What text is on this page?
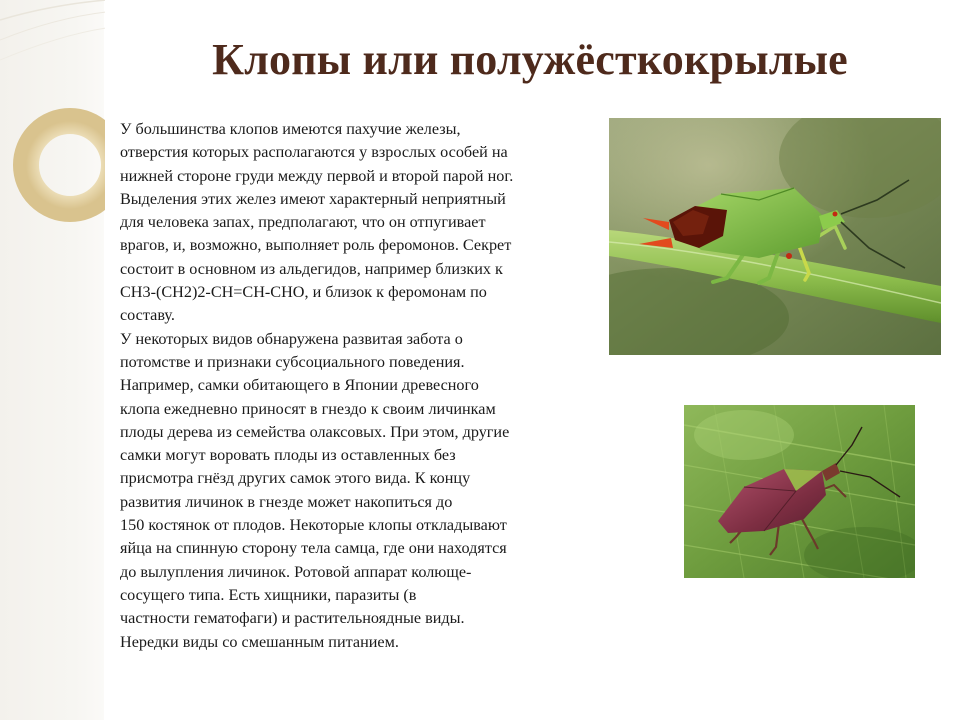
Клопы или полужёсткокрылые
У большинства клопов имеются пахучие железы,
отверстия которых располагаются у взрослых особей на
нижней стороне груди между первой и второй парой ног.
Выделения этих желез имеют характерный неприятный
для человека запах, предполагают, что он отпугивает
врагов, и, возможно, выполняет роль феромонов. Секрет
состоит в основном из альдегидов, например близких к
CH3-(CH2)2-CH=CH-CHO, и близок к феромонам по
составу.
У некоторых видов обнаружена развитая забота о
потомстве и признаки субсоциального поведения.
Например, самки обитающего в Японии древесного
клопа ежедневно приносят в гнездо к своим личинкам
плоды дерева из семейства олаксовых. При этом, другие
самки могут воровать плоды из оставленных без
присмотра гнёзд других самок этого вида. К концу
развития личинок в гнезде может накопиться до
150 костянок от плодов. Некоторые клопы откладывают
яйца на спинную сторону тела самца, где они находятся
до вылупления личинок. Ротовой аппарат колюще-
сосущего типа. Есть хищники, паразиты (в
частности гематофаги) и растительноядные виды.
Нередки виды со смешанным питанием.
